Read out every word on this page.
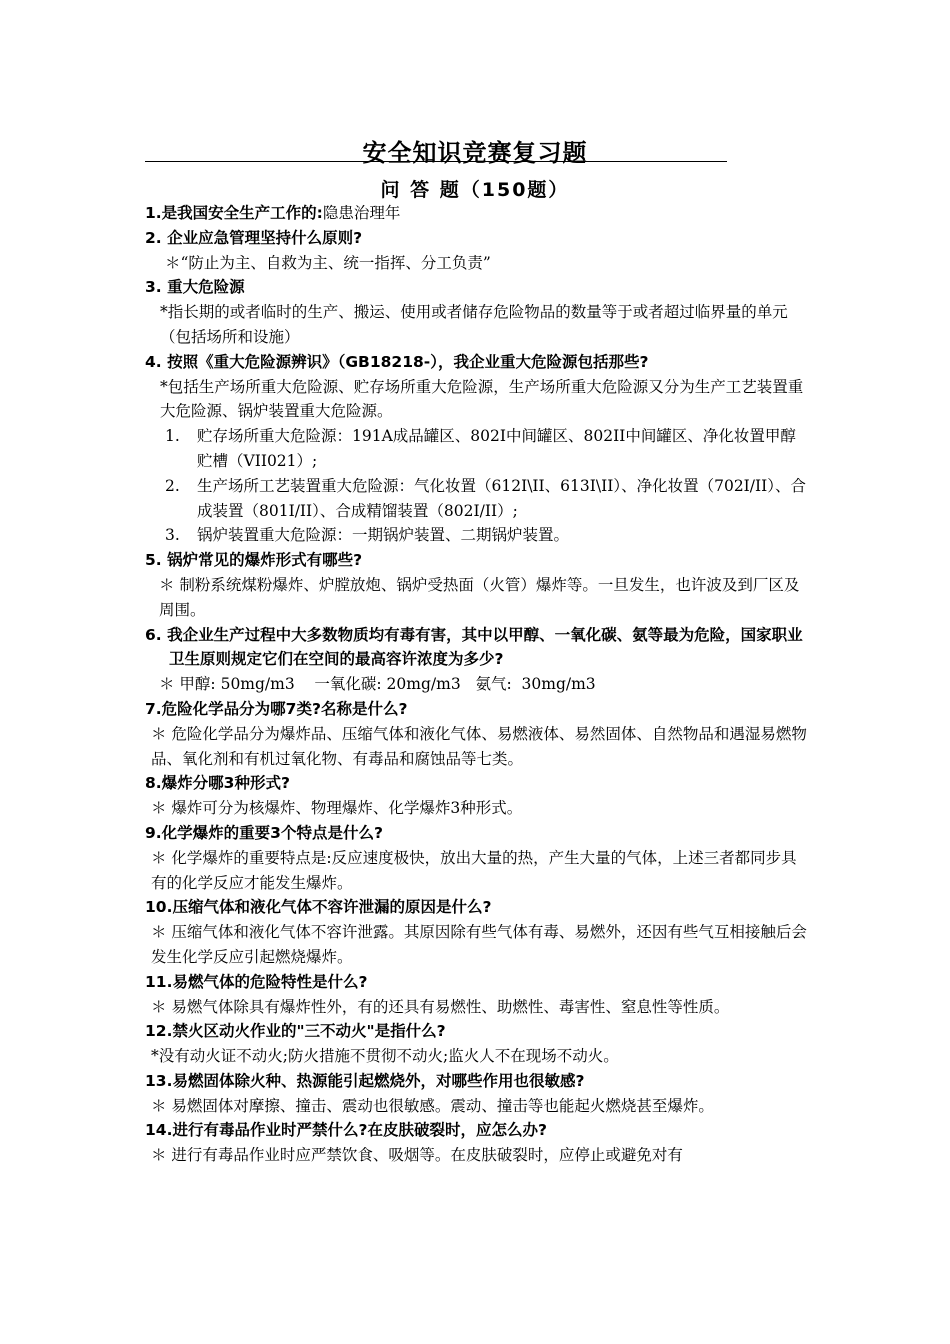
安全知识竞赛复习题
问 答 题（150题）
1.是我国安全生产工作的:隐患治理年
2. 企业应急管理坚持什么原则?
＊“防止为主、自救为主、统一指挥、分工负责”
3. 重大危险源
*指长期的或者临时的生产、搬运、使用或者储存危险物品的数量等于或者超过临界量的单元（包括场所和设施）
4. 按照《重大危险源辨识》（GB18218-），我企业重大危险源包括那些?
*包括生产场所重大危险源、贮存场所重大危险源，生产场所重大危险源又分为生产工艺装置重大危险源、锅炉装置重大危险源。
1. 贮存场所重大危险源：191A成品罐区、802I中间罐区、802II中间罐区、净化妆置甲醇贮槽（VII021）;
2. 生产场所工艺装置重大危险源：气化妆置（612I\II、613I\II）、净化妆置（702I/II）、合成装置（801I/II）、合成精馏装置（802I/II）;
3. 锅炉装置重大危险源：一期锅炉装置、二期锅炉装置。
5. 锅炉常见的爆炸形式有哪些?
＊ 制粉系统煤粉爆炸、炉膛放炮、锅炉受热面（火管）爆炸等。一旦发生，也许波及到厂区及周围。
6. 我企业生产过程中大多数物质均有毒有害，其中以甲醇、一氧化碳、氨等最为危险，国家职业卫生原则规定它们在空间的最高容许浓度为多少?
＊ 甲醇: 50mg/m3    一氧化碳: 20mg/m3   氨气:  30mg/m3
7.危险化学品分为哪7类?名称是什么?
＊ 危险化学品分为爆炸品、压缩气体和液化气体、易燃液体、易然固体、自然物品和遇湿易燃物品、氧化剂和有机过氧化物、有毒品和腐蚀品等七类。
8.爆炸分哪3种形式?
＊ 爆炸可分为核爆炸、物理爆炸、化学爆炸3种形式。
9.化学爆炸的重要3个特点是什么?
＊ 化学爆炸的重要特点是:反应速度极快，放出大量的热，产生大量的气体，上述三者都同步具有的化学反应才能发生爆炸。
10.压缩气体和液化气体不容许泄漏的原因是什么?
＊ 压缩气体和液化气体不容许泄露。其原因除有些气体有毒、易燃外，还因有些气互相接触后会发生化学反应引起燃烧爆炸。
11.易燃气体的危险特性是什么?
＊ 易燃气体除具有爆炸性外，有的还具有易燃性、助燃性、毒害性、窒息性等性质。
12.禁火区动火作业的"三不动火"是指什么?
*没有动火证不动火;防火措施不贯彻不动火;监火人不在现场不动火。
13.易燃固体除火种、热源能引起燃烧外，对哪些作用也很敏感?
＊ 易燃固体对摩擦、撞击、震动也很敏感。震动、撞击等也能起火燃烧甚至爆炸。
14.进行有毒品作业时严禁什么?在皮肤破裂时，应怎么办?
＊ 进行有毒品作业时应严禁饮食、吸烟等。在皮肤破裂时，应停止或避免对有
